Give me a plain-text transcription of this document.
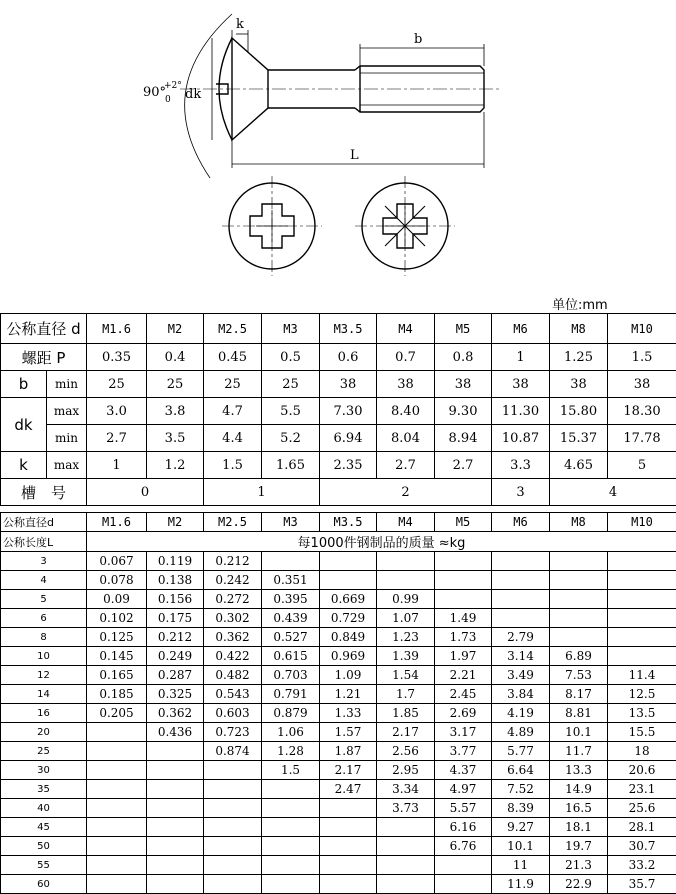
k
b
L
dk
90°
+2°
0
单位:mm
公称直径 d		M1.6	M2	M2.5	M3	M3.5	M4	M5	M6	M8	M10
螺距 P		0.35	0.4	0.45	0.5	0.6	0.7	0.8	1	1.25	1.5
b	min	25	25	25	25	38	38	38	38	38	38
dk	max	3.0	3.8	4.7	5.5	7.30	8.40	9.30	11.30	15.80	18.30
	min	2.7	3.5	4.4	5.2	6.94	8.04	8.94	10.87	15.37	17.78
k	max	1	1.2	1.5	1.65	2.35	2.7	2.7	3.3	4.65	5
槽　号		0		1		2			3	4	
公称直径d	M1.6	M2	M2.5	M3	M3.5	M4	M5	M6	M8	M10
公称长度L	每1000件钢制品的质量 ≈kg									
3	0.067	0.119	0.212							
4	0.078	0.138	0.242	0.351						
5	0.09	0.156	0.272	0.395	0.669	0.99				
6	0.102	0.175	0.302	0.439	0.729	1.07	1.49			
8	0.125	0.212	0.362	0.527	0.849	1.23	1.73	2.79		
10	0.145	0.249	0.422	0.615	0.969	1.39	1.97	3.14	6.89	
12	0.165	0.287	0.482	0.703	1.09	1.54	2.21	3.49	7.53	11.4
14	0.185	0.325	0.543	0.791	1.21	1.7	2.45	3.84	8.17	12.5
16	0.205	0.362	0.603	0.879	1.33	1.85	2.69	4.19	8.81	13.5
20		0.436	0.723	1.06	1.57	2.17	3.17	4.89	10.1	15.5
25			0.874	1.28	1.87	2.56	3.77	5.77	11.7	18
30				1.5	2.17	2.95	4.37	6.64	13.3	20.6
35					2.47	3.34	4.97	7.52	14.9	23.1
40						3.73	5.57	8.39	16.5	25.6
45							6.16	9.27	18.1	28.1
50							6.76	10.1	19.7	30.7
55								11	21.3	33.2
60								11.9	22.9	35.7
